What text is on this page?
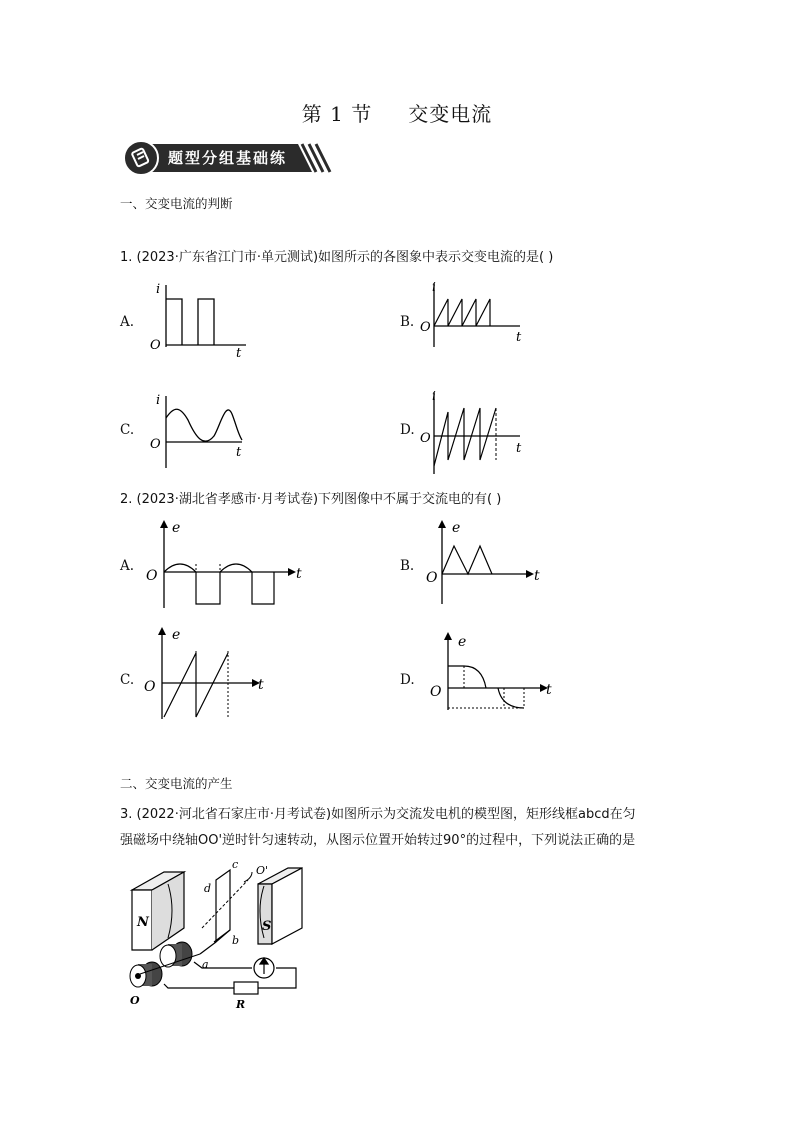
第 1 节 交变电流
题型分组基础练
一、交变电流的判断
1. (2023·广东省江门市·单元测试)如图所示的各图象中表示交变电流的是( )
A.
i
O
t
B.
i
O
t
C.
i
O
t
D.
i
O
t
2. (2023·湖北省孝感市·月考试卷)下列图像中不属于交流电的有( )
A.
e
O	t	B.
e
O	t
C.
e
O	t	D.
e
O	t
二、交变电流的产生
3. (2022·河北省石家庄市·月考试卷)如图所示为交流发电机的模型图，矩形线框abcd在匀
强磁场中绕轴OO'逆时针匀速转动，从图示位置开始转过90°的过程中，下列说法正确的是
N	S
c
d
b
a
O'
O	R
